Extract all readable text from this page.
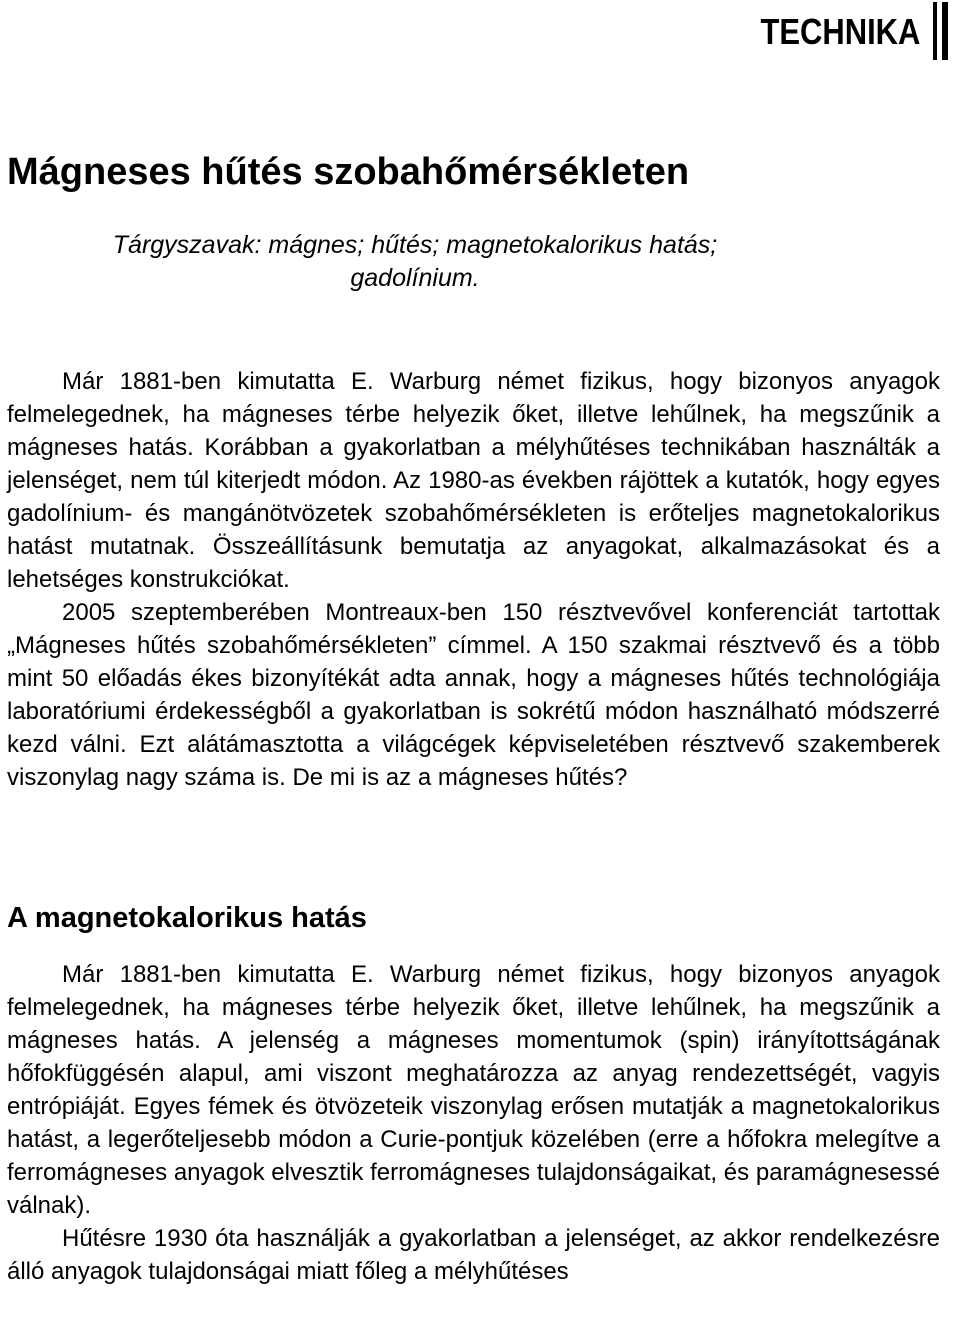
TECHNIKA
Mágneses hűtés szobahőmérsékleten
Tárgyszavak: mágnes; hűtés; magnetokalorikus hatás;
gadolínium.

Már 1881-ben kimutatta E. Warburg német fizikus, hogy bizonyos anyagok felmelegednek, ha mágneses térbe helyezik őket, illetve lehűlnek, ha megszűnik a mágneses hatás. Korábban a gyakorlatban a mélyhűtéses technikában használták a jelenséget, nem túl kiterjedt módon. Az 1980-as években rájöttek a kutatók, hogy egyes gadolínium- és mangánötvözetek szobahőmérsékleten is erőteljes magnetokalorikus hatást mutatnak. Összeállításunk bemutatja az anyagokat, alkalmazásokat és a lehetséges konstrukciókat.

2005 szeptemberében Montreaux-ben 150 résztvevővel konferenciát tartottak „Mágneses hűtés szobahőmérsékleten” címmel. A 150 szakmai résztvevő és a több mint 50 előadás ékes bizonyítékát adta annak, hogy a mágneses hűtés technológiája laboratóriumi érdekességből a gyakorlatban is sokrétű módon használható módszerré kezd válni. Ezt alátámasztotta a világcégek képviseletében résztvevő szakemberek viszonylag nagy száma is. De mi is az a mágneses hűtés?

A magnetokalorikus hatás

Már 1881-ben kimutatta E. Warburg német fizikus, hogy bizonyos anyagok felmelegednek, ha mágneses térbe helyezik őket, illetve lehűlnek, ha megszűnik a mágneses hatás. A jelenség a mágneses momentumok (spin) irányítottságának hőfokfüggésén alapul, ami viszont meghatározza az anyag rendezettségét, vagyis entrópiáját. Egyes fémek és ötvözeteik viszonylag erősen mutatják a magnetokalorikus hatást, a legerőteljesebb módon a Curie-pontjuk közelében (erre a hőfokra melegítve a ferromágneses anyagok elvesztik ferromágneses tulajdonságaikat, és paramágnesessé válnak).

Hűtésre 1930 óta használják a gyakorlatban a jelenséget, az akkor rendelkezésre álló anyagok tulajdonságai miatt főleg a mélyhűtéses
